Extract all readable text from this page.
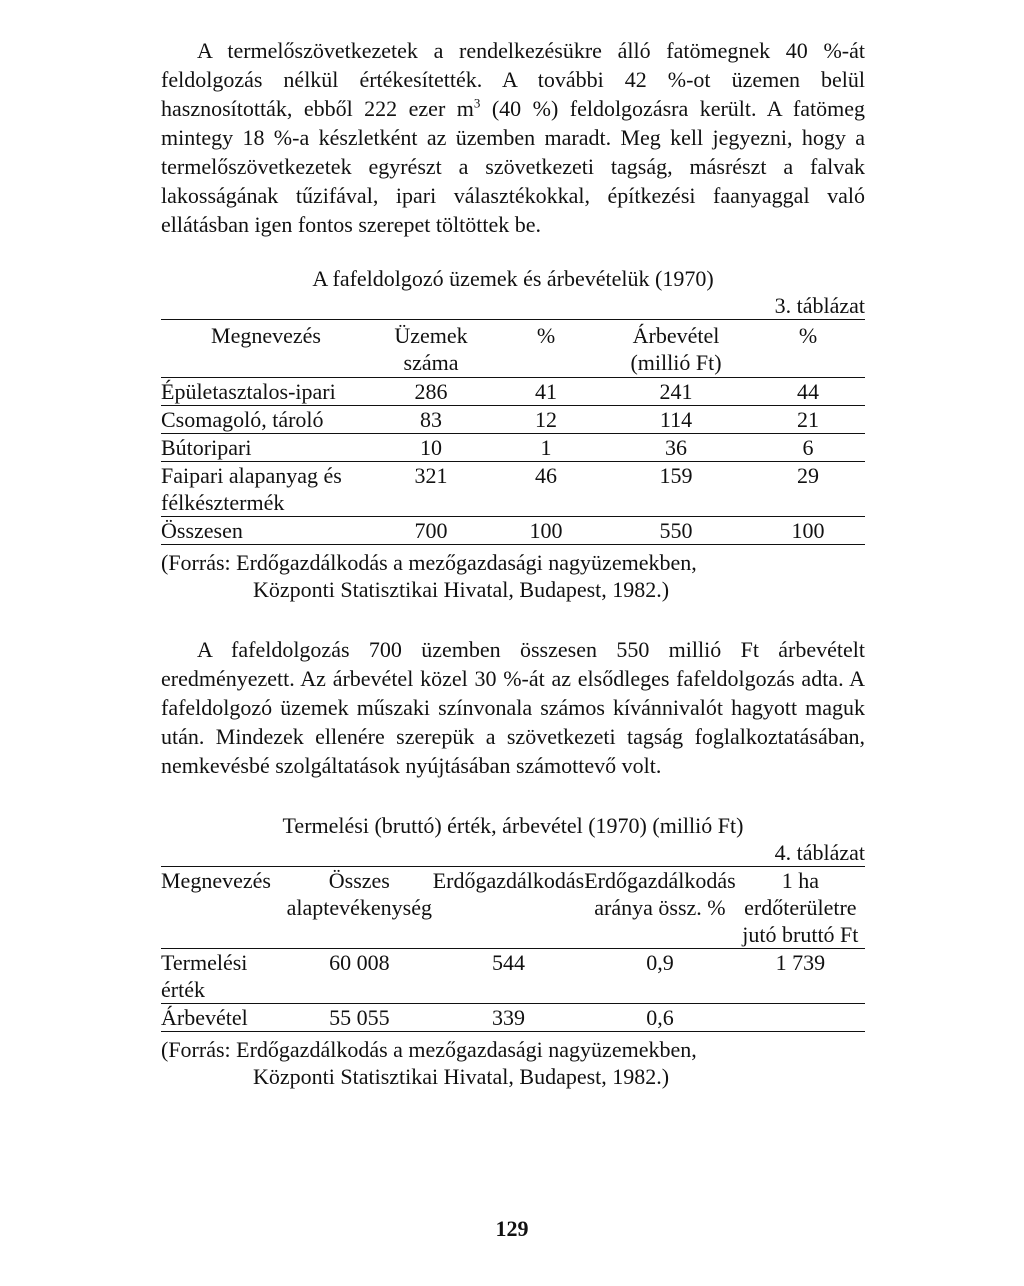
A termelőszövetkezetek a rendelkezésükre álló fatömegnek 40 %-át feldolgozás nélkül értékesítették. A további 42 %-ot üzemen belül hasznosították, ebből 222 ezer $m^3$ (40 %) feldolgozásra került. A fatömeg mintegy 18 %-a készletként az üzemben maradt. Meg kell jegyezni, hogy a termelőszövetkezetek egyrészt a szövetkezeti tagság, másrészt a falvak lakosságának tűzifával, ipari választékokkal, építkezési faanyaggal való ellátásban igen fontos szerepet töltöttek be.

A fafeldolgozó üzemek és árbevételük (1970)

3. táblázat

Megnevezés	Üzemek száma	%	Árbevétel (millió Ft)	%
Épületasztalos-ipari	286	41	241	44
Csomagoló, tároló	83	12	114	21
Bútoripari	10	1	36	6
Faipari alapanyag és félkésztermék	321	46	159	29
Összesen	700	100	550	100

(Forrás: Erdőgazdálkodás a mezőgazdasági nagyüzemekben,
Központi Statisztikai Hivatal, Budapest, 1982.)

A fafeldolgozás 700 üzemben összesen 550 millió Ft árbevételt eredményezett. Az árbevétel közel 30 %-át az elsődleges fafeldolgozás adta. A fafeldolgozó üzemek műszaki színvonala számos kívánnivalót hagyott maguk után. Mindezek ellenére szerepük a szövetkezeti tagság foglalkoztatásában, nemkevésbé szolgáltatások nyújtásában számottevő volt.

Termelési (bruttó) érték, árbevétel (1970) (millió Ft)

4. táblázat

Megnevezés	Összes alaptevékenység	Erdőgazdálkodás	Erdőgazdálkodás aránya össz. %	1 ha erdőterületre jutó bruttó Ft
Termelési érték	60 008	544	0,9	1 739
Árbevétel	55 055	339	0,6	

(Forrás: Erdőgazdálkodás a mezőgazdasági nagyüzemekben,
Központi Statisztikai Hivatal, Budapest, 1982.)

129
